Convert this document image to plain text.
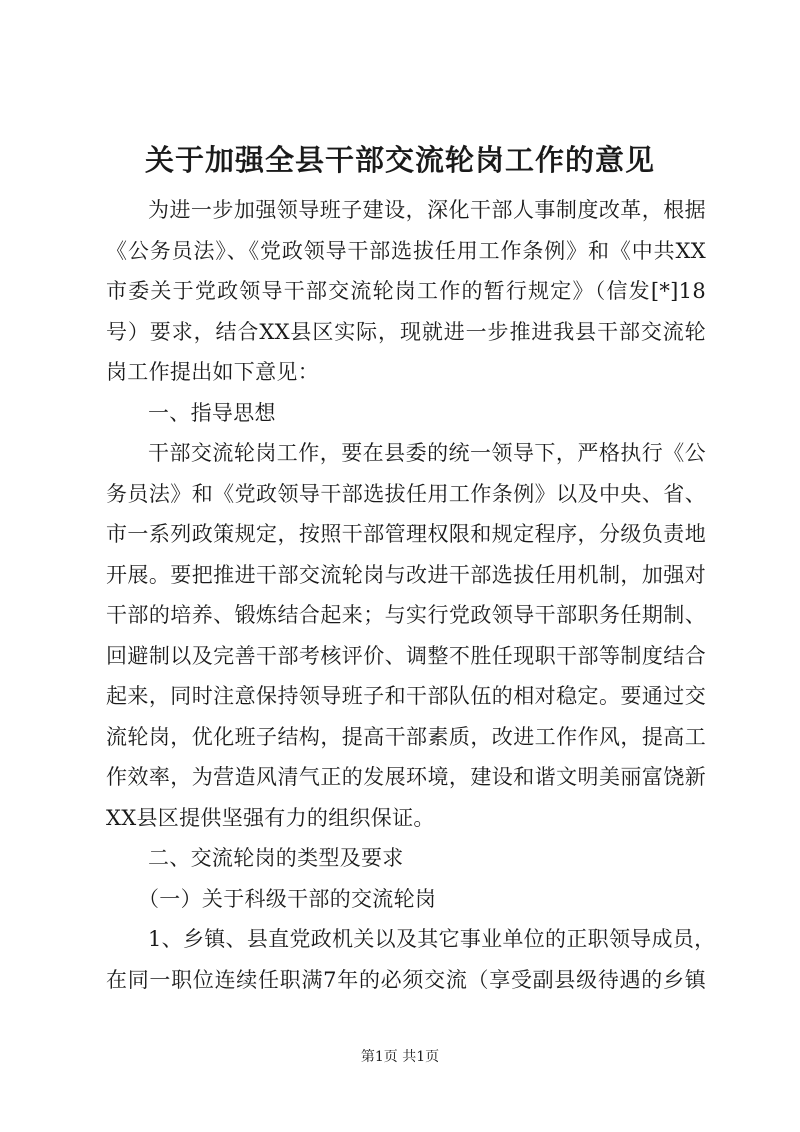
关于加强全县干部交流轮岗工作的意见
为进一步加强领导班子建设，深化干部人事制度改革，根据
《公务员法》、《党政领导干部选拔任用工作条例》和《中共XX
市委关于党政领导干部交流轮岗工作的暂行规定》（信发[*]18
号）要求，结合XX县区实际，现就进一步推进我县干部交流轮
岗工作提出如下意见：
一、指导思想
干部交流轮岗工作，要在县委的统一领导下，严格执行《公
务员法》和《党政领导干部选拔任用工作条例》以及中央、省、
市一系列政策规定，按照干部管理权限和规定程序，分级负责地
开展。要把推进干部交流轮岗与改进干部选拔任用机制，加强对
干部的培养、锻炼结合起来；与实行党政领导干部职务任期制、
回避制以及完善干部考核评价、调整不胜任现职干部等制度结合
起来，同时注意保持领导班子和干部队伍的相对稳定。要通过交
流轮岗，优化班子结构，提高干部素质，改进工作作风，提高工
作效率，为营造风清气正的发展环境，建设和谐文明美丽富饶新
XX县区提供坚强有力的组织保证。
二、交流轮岗的类型及要求
（一）关于科级干部的交流轮岗
1、乡镇、县直党政机关以及其它事业单位的正职领导成员，
在同一职位连续任职满7年的必须交流（享受副县级待遇的乡镇
第1页 共1页
